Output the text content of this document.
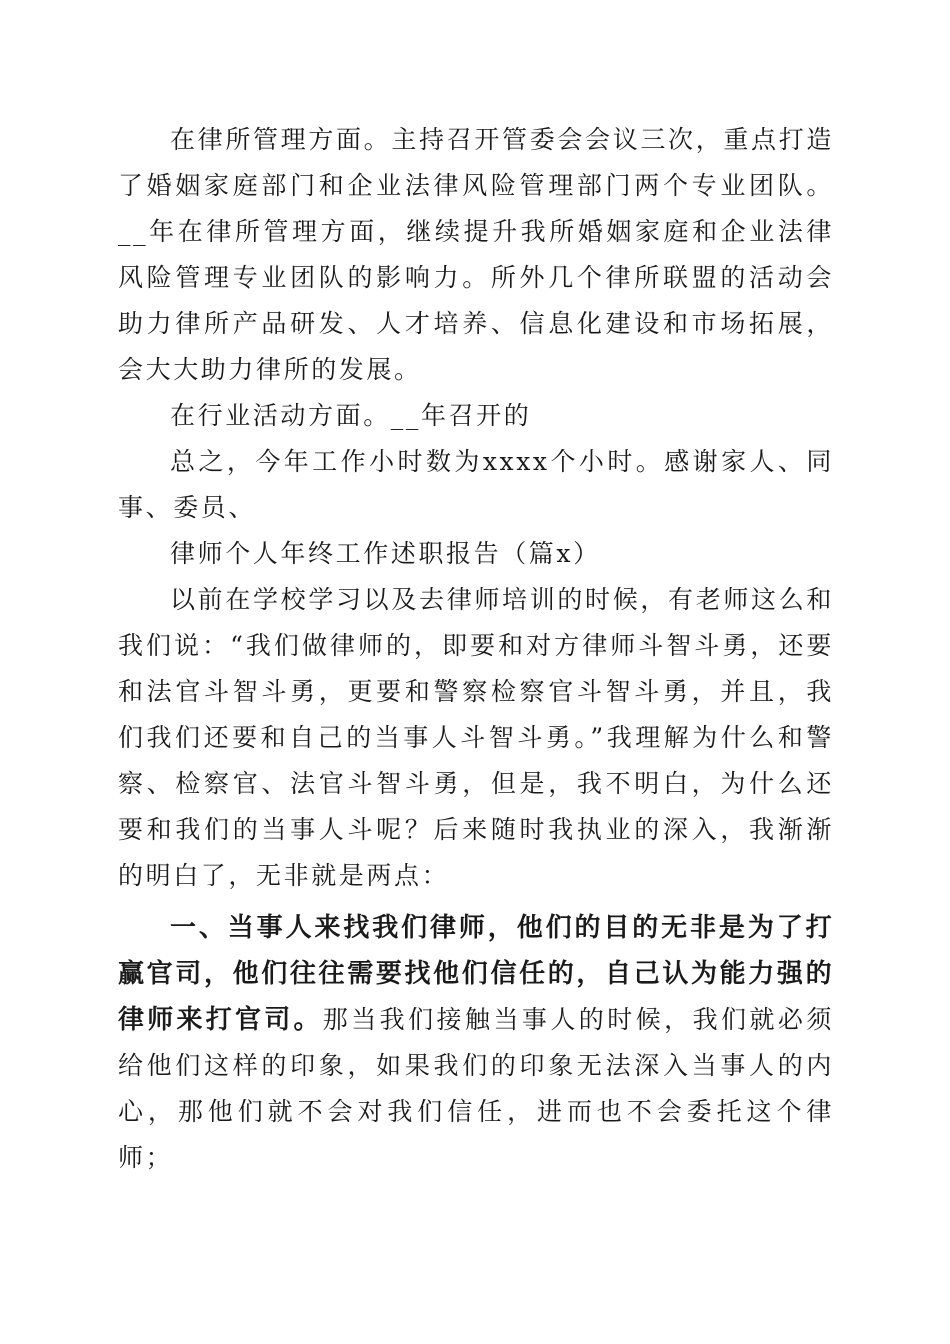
在律所管理方面。主持召开管委会会议三次，重点打造了婚姻家庭部门和企业法律风险管理部门两个专业团队。__年在律所管理方面，继续提升我所婚姻家庭和企业法律风险管理专业团队的影响力。所外几个律所联盟的活动会助力律所产品研发、人才培养、信息化建设和市场拓展，会大大助力律所的发展。

在行业活动方面。__年召开的

总之，今年工作小时数为xxxx个小时。感谢家人、同事、委员、

律师个人年终工作述职报告（篇x）

以前在学校学习以及去律师培训的时候，有老师这么和我们说：“我们做律师的，即要和对方律师斗智斗勇，还要和法官斗智斗勇，更要和警察检察官斗智斗勇，并且，我们我们还要和自己的当事人斗智斗勇。”我理解为什么和警察、检察官、法官斗智斗勇，但是，我不明白，为什么还要和我们的当事人斗呢？后来随时我执业的深入，我渐渐的明白了，无非就是两点：

一、当事人来找我们律师，他们的目的无非是为了打赢官司，他们往往需要找他们信任的，自己认为能力强的律师来打官司。那当我们接触当事人的时候，我们就必须给他们这样的印象，如果我们的印象无法深入当事人的内心，那他们就不会对我们信任，进而也不会委托这个律师；
